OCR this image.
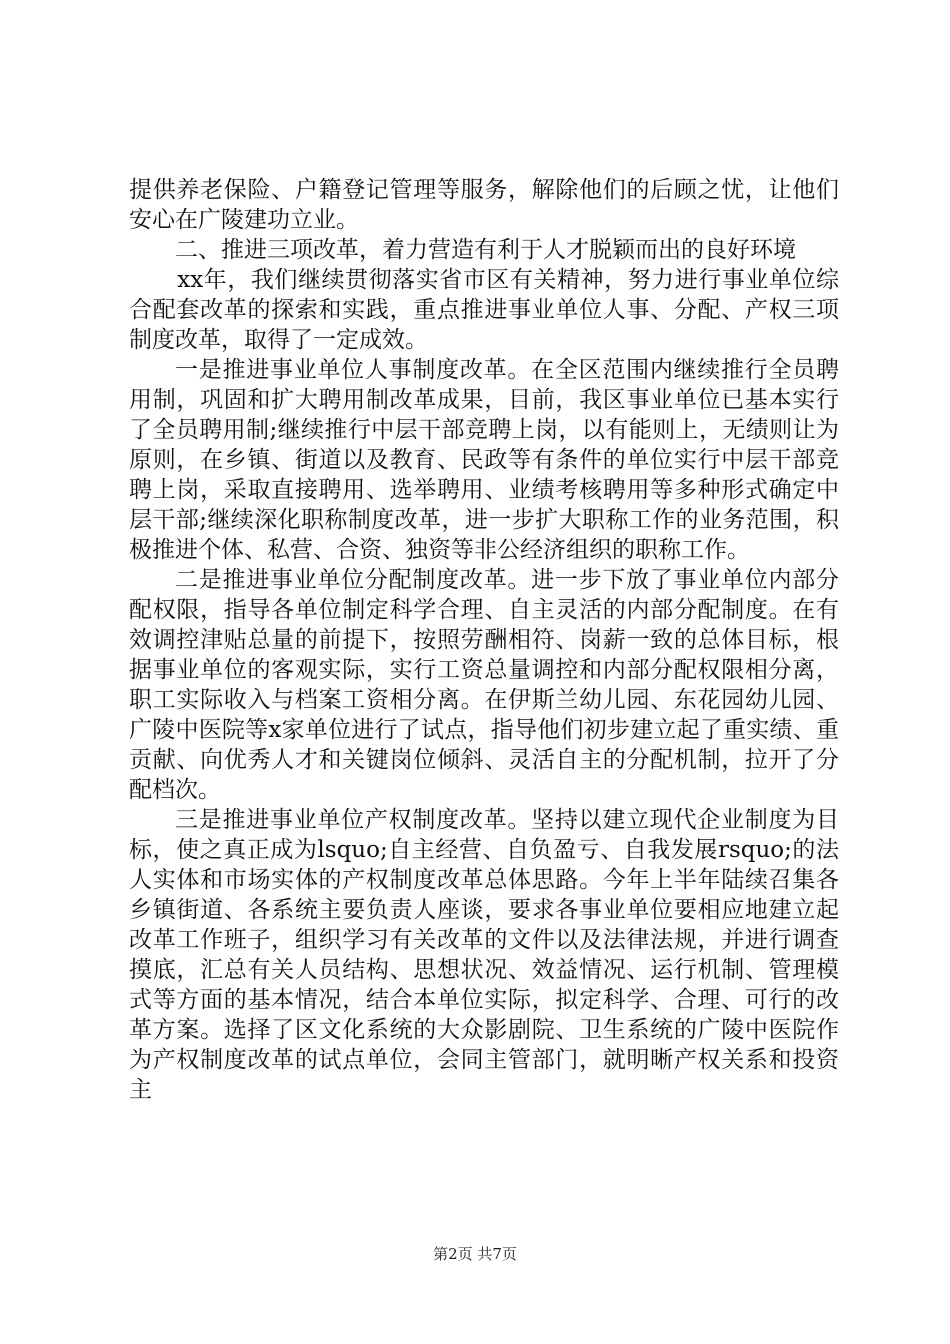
提供养老保险、户籍登记管理等服务，解除他们的后顾之忧，让他们安心在广陵建功立业。

二、推进三项改革，着力营造有利于人才脱颖而出的良好环境

xx年，我们继续贯彻落实省市区有关精神，努力进行事业单位综合配套改革的探索和实践，重点推进事业单位人事、分配、产权三项制度改革，取得了一定成效。

一是推进事业单位人事制度改革。在全区范围内继续推行全员聘用制，巩固和扩大聘用制改革成果，目前，我区事业单位已基本实行了全员聘用制;继续推行中层干部竞聘上岗，以有能则上，无绩则让为原则，在乡镇、街道以及教育、民政等有条件的单位实行中层干部竞聘上岗，采取直接聘用、选举聘用、业绩考核聘用等多种形式确定中层干部;继续深化职称制度改革，进一步扩大职称工作的业务范围，积极推进个体、私营、合资、独资等非公经济组织的职称工作。

二是推进事业单位分配制度改革。进一步下放了事业单位内部分配权限，指导各单位制定科学合理、自主灵活的内部分配制度。在有效调控津贴总量的前提下，按照劳酬相符、岗薪一致的总体目标，根据事业单位的客观实际，实行工资总量调控和内部分配权限相分离，职工实际收入与档案工资相分离。在伊斯兰幼儿园、东花园幼儿园、广陵中医院等x家单位进行了试点，指导他们初步建立起了重实绩、重贡献、向优秀人才和关键岗位倾斜、灵活自主的分配机制，拉开了分配档次。

三是推进事业单位产权制度改革。坚持以建立现代企业制度为目标，使之真正成为lsquo;自主经营、自负盈亏、自我发展rsquo;的法人实体和市场实体的产权制度改革总体思路。今年上半年陆续召集各乡镇街道、各系统主要负责人座谈，要求各事业单位要相应地建立起改革工作班子，组织学习有关改革的文件以及法律法规，并进行调查摸底，汇总有关人员结构、思想状况、效益情况、运行机制、管理模式等方面的基本情况，结合本单位实际，拟定科学、合理、可行的改革方案。选择了区文化系统的大众影剧院、卫生系统的广陵中医院作为产权制度改革的试点单位，会同主管部门，就明晰产权关系和投资主

第2页 共7页
